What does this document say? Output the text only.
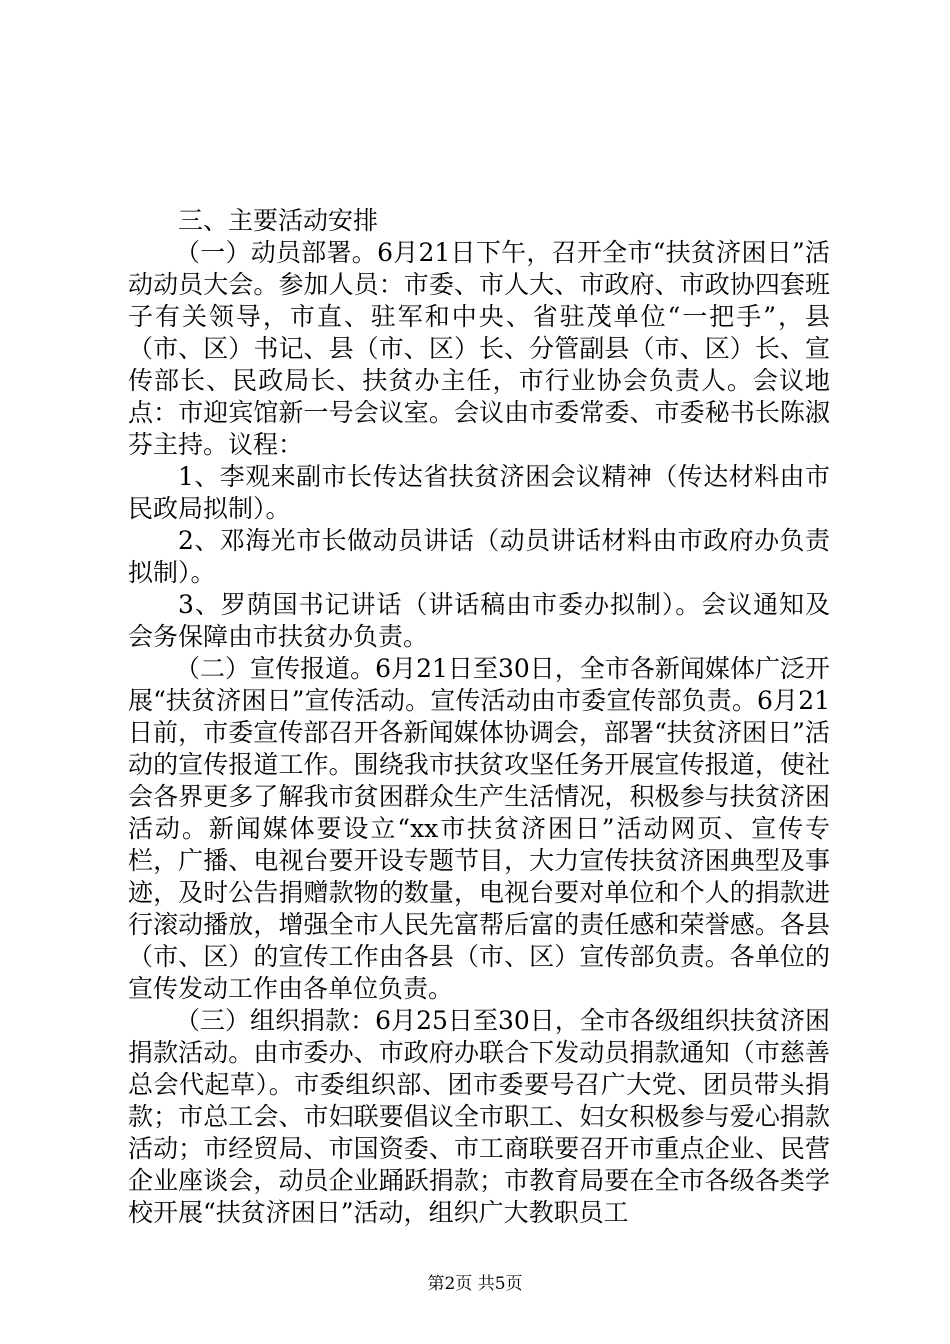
三、主要活动安排

（一）动员部署。6月21日下午，召开全市“扶贫济困日”活动动员大会。参加人员：市委、市人大、市政府、市政协四套班子有关领导，市直、驻军和中央、省驻茂单位“一把手”，县（市、区）书记、县（市、区）长、分管副县（市、区）长、宣传部长、民政局长、扶贫办主任，市行业协会负责人。会议地点：市迎宾馆新一号会议室。会议由市委常委、市委秘书长陈淑芬主持。议程：

1、李观来副市长传达省扶贫济困会议精神（传达材料由市民政局拟制）。

2、邓海光市长做动员讲话（动员讲话材料由市政府办负责拟制）。

3、罗荫国书记讲话（讲话稿由市委办拟制）。会议通知及会务保障由市扶贫办负责。

（二）宣传报道。6月21日至30日，全市各新闻媒体广泛开展“扶贫济困日”宣传活动。宣传活动由市委宣传部负责。6月21日前，市委宣传部召开各新闻媒体协调会，部署“扶贫济困日”活动的宣传报道工作。围绕我市扶贫攻坚任务开展宣传报道，使社会各界更多了解我市贫困群众生产生活情况，积极参与扶贫济困活动。新闻媒体要设立“xx市扶贫济困日”活动网页、宣传专栏，广播、电视台要开设专题节目，大力宣传扶贫济困典型及事迹，及时公告捐赠款物的数量，电视台要对单位和个人的捐款进行滚动播放，增强全市人民先富帮后富的责任感和荣誉感。各县（市、区）的宣传工作由各县（市、区）宣传部负责。各单位的宣传发动工作由各单位负责。

（三）组织捐款：6月25日至30日，全市各级组织扶贫济困捐款活动。由市委办、市政府办联合下发动员捐款通知（市慈善总会代起草）。市委组织部、团市委要号召广大党、团员带头捐款；市总工会、市妇联要倡议全市职工、妇女积极参与爱心捐款活动；市经贸局、市国资委、市工商联要召开市重点企业、民营企业座谈会，动员企业踊跃捐款；市教育局要在全市各级各类学校开展“扶贫济困日”活动，组织广大教职员工

第2页 共5页
